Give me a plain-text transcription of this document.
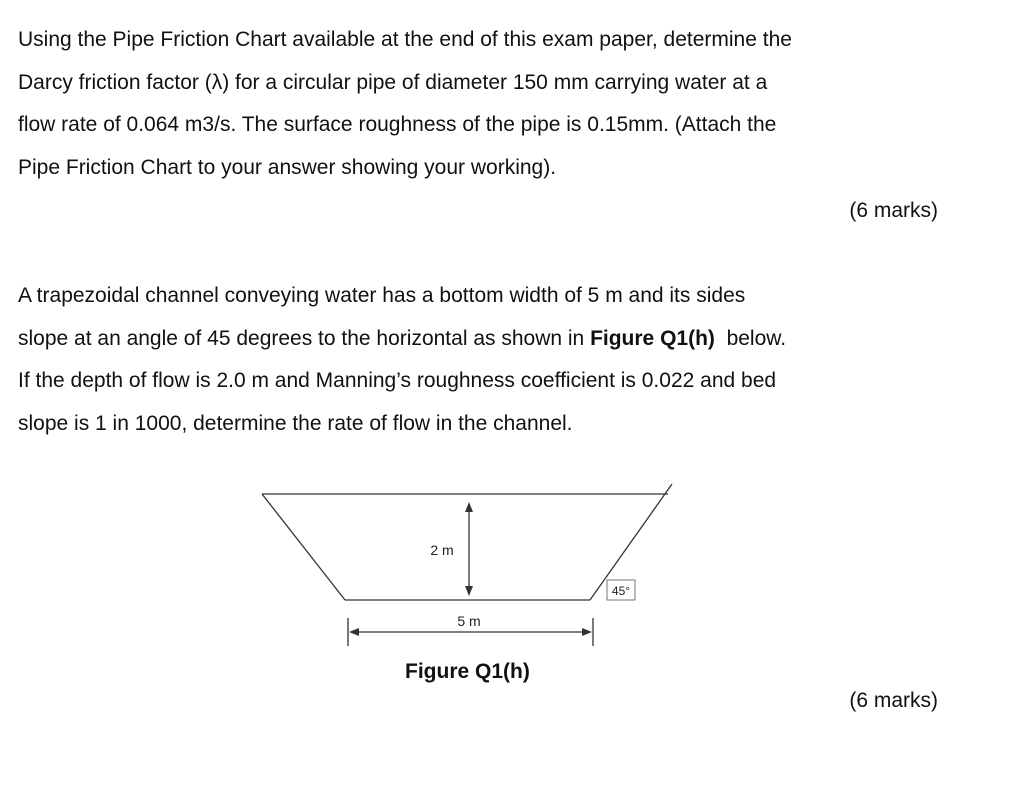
Using the Pipe Friction Chart available at the end of this exam paper, determine the
Darcy friction factor (λ) for a circular pipe of diameter 150 mm carrying water at a
flow rate of 0.064 m3/s. The surface roughness of the pipe is 0.15mm. (Attach the
Pipe Friction Chart to your answer showing your working).
(6 marks)
A trapezoidal channel conveying water has a bottom width of 5 m and its sides
slope at an angle of 45 degrees to the horizontal as shown in Figure Q1(h)  below.
If the depth of flow is 2.0 m and Manning’s roughness coefficient is 0.022 and bed
slope is 1 in 1000, determine the rate of flow in the channel.
2 m
45°
5 m
Figure Q1(h)
(6 marks)
